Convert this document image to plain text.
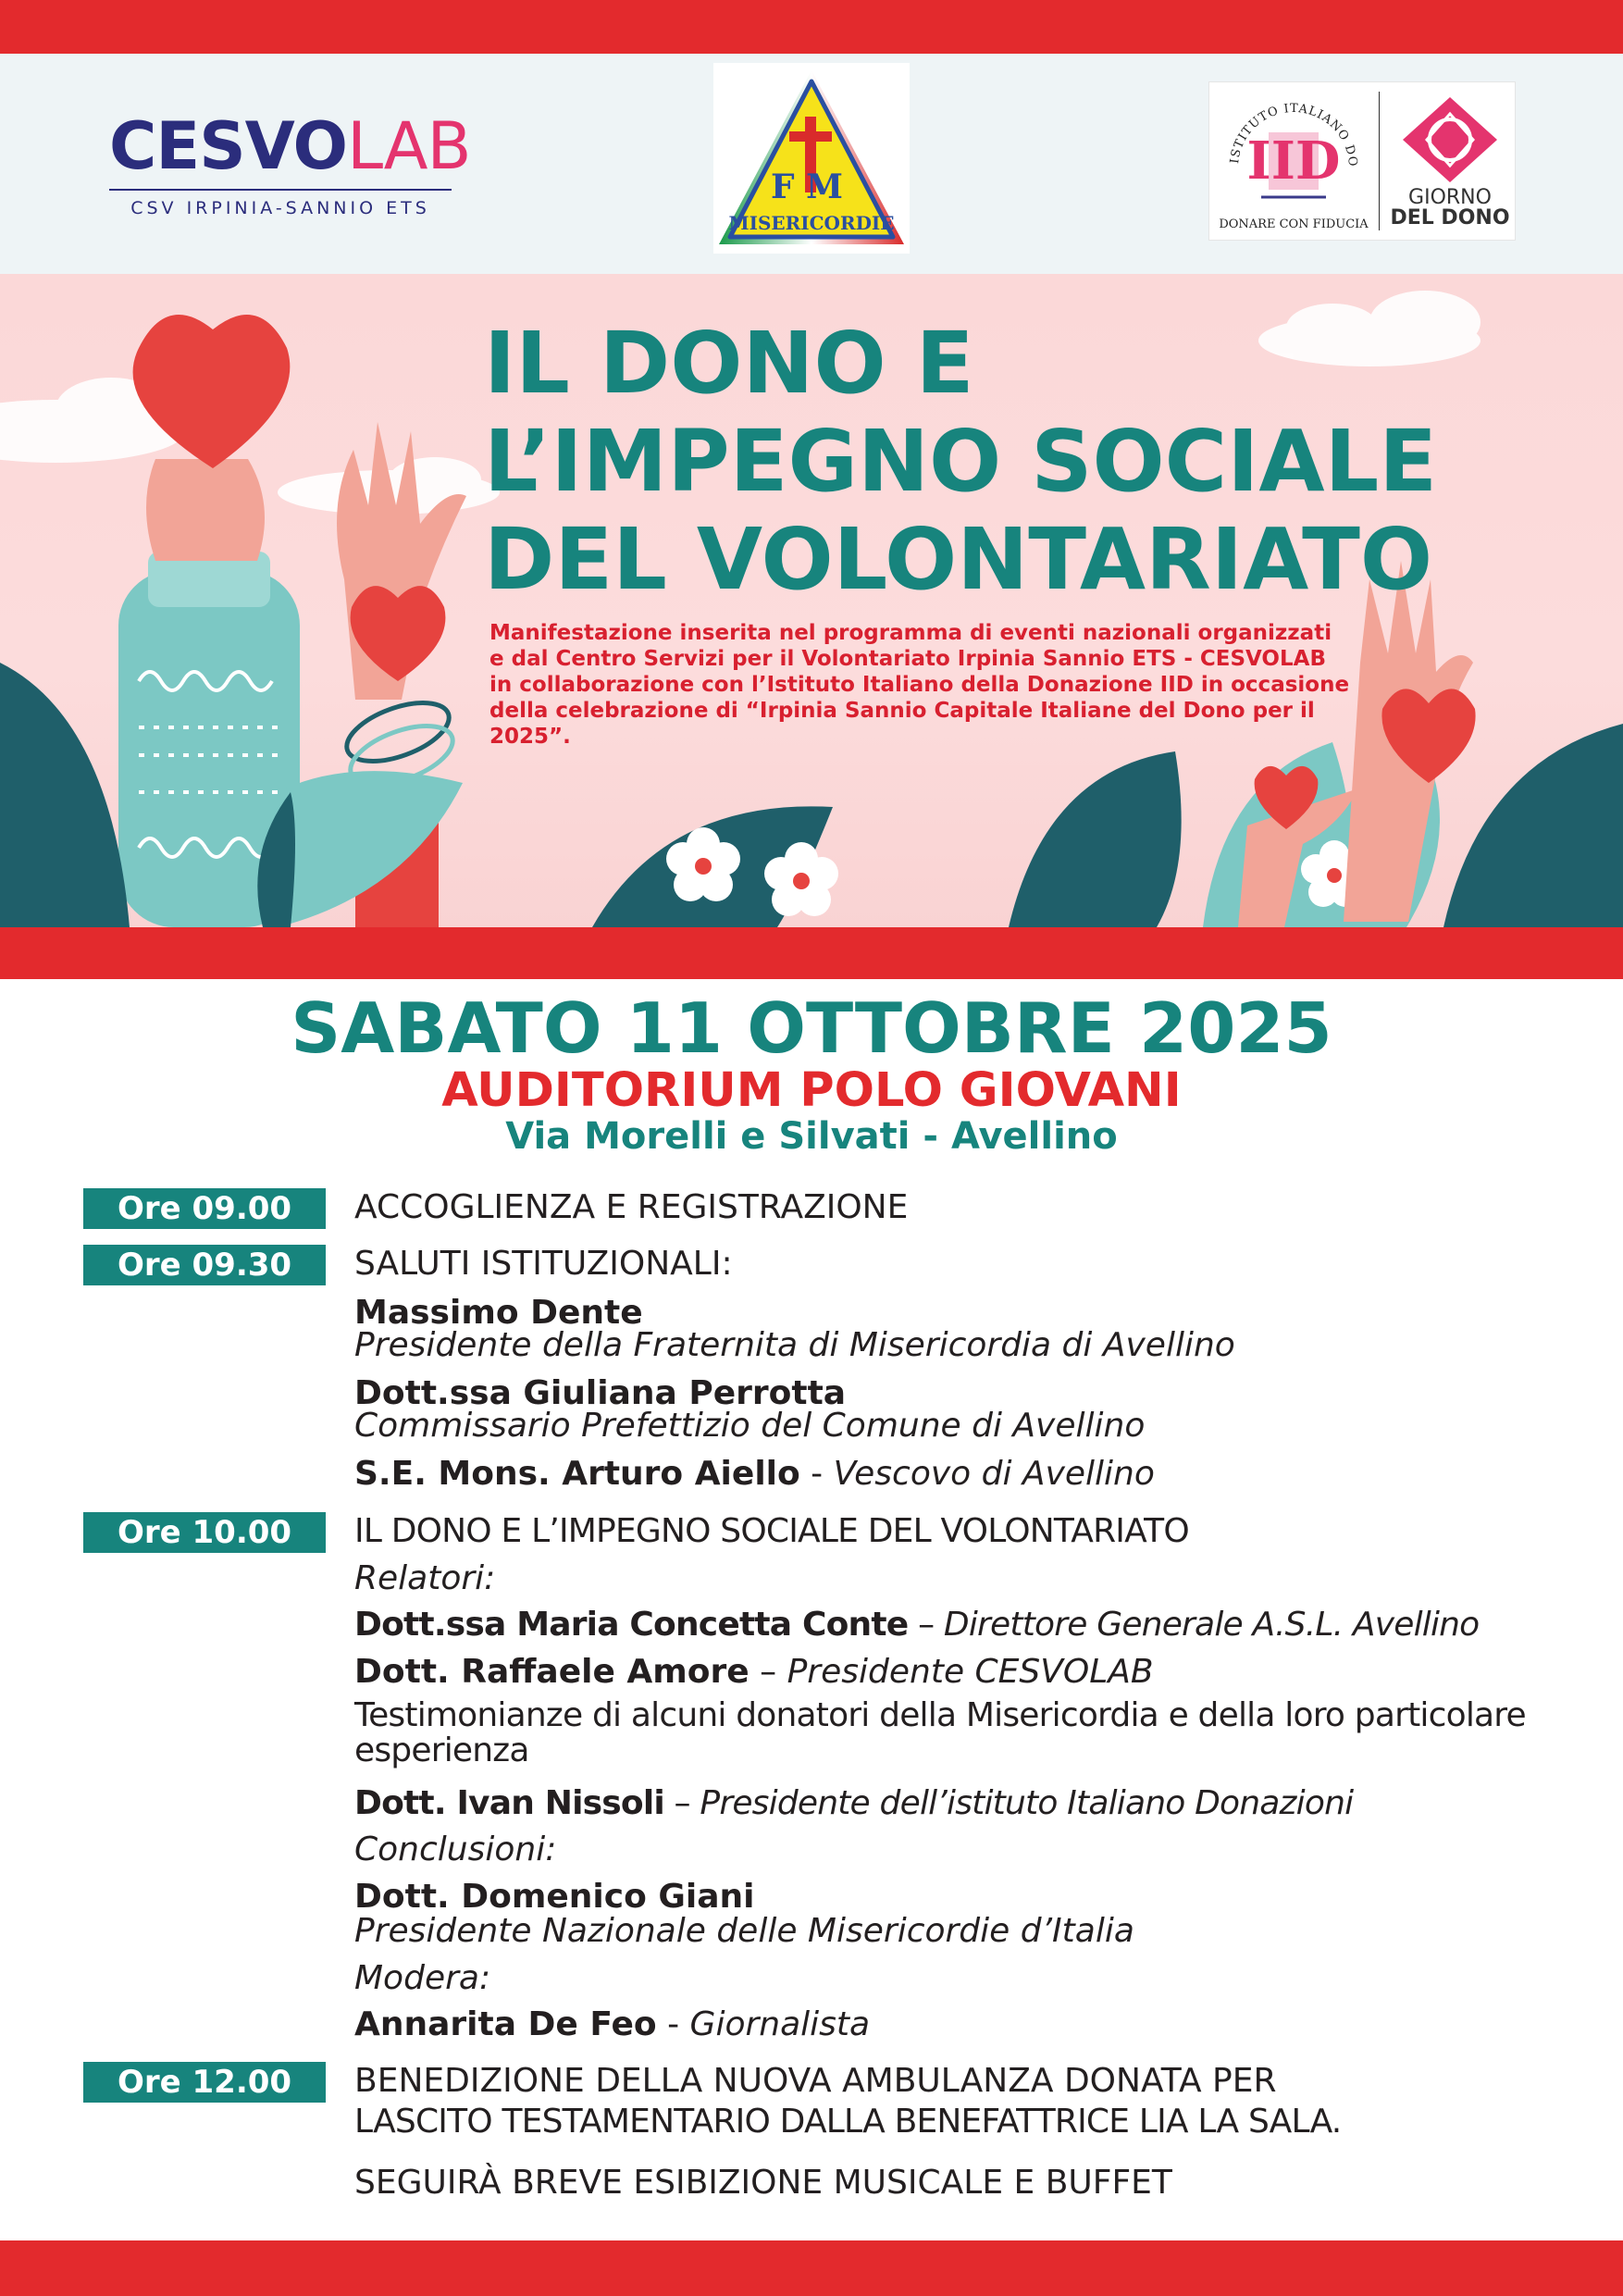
CESVOLAB
CSV IRPINIA-SANNIO ETS
F M
MISERICORDIE
ISTITUTO ITALIANO DO
IID
DONARE CON FIDUCIA
GIORNO
DEL DONO
IL DONO E
L’IMPEGNO SOCIALE
DEL VOLONTARIATO
Manifestazione inserita nel programma di eventi nazionali organizzati e dal Centro Servizi per il Volontariato Irpinia Sannio ETS - CESVOLAB in collaborazione con l’Istituto Italiano della Donazione IID in occasione della celebrazione di “Irpinia Sannio Capitale Italiane del Dono per il 2025”.
SABATO 11 OTTOBRE 2025
AUDITORIUM POLO GIOVANI
Via Morelli e Silvati - Avellino
Ore 09.00	ACCOGLIENZA E REGISTRAZIONE
Ore 09.30	SALUTI ISTITUZIONALI:
Massimo Dente
Presidente della Fraternita di Misericordia di Avellino
Dott.ssa Giuliana Perrotta
Commissario Prefettizio del Comune di Avellino
S.E. Mons. Arturo Aiello - Vescovo di Avellino
Ore 10.00	IL DONO E L’IMPEGNO SOCIALE DEL VOLONTARIATO
Relatori:
Dott.ssa Maria Concetta Conte – Direttore Generale A.S.L. Avellino
Dott. Raffaele Amore – Presidente CESVOLAB
Testimonianze di alcuni donatori della Misericordia e della loro particolare esperienza
Dott. Ivan Nissoli – Presidente dell’istituto Italiano Donazioni
Conclusioni:
Dott. Domenico Giani
Presidente Nazionale delle Misericordie d’Italia
Modera:
Annarita De Feo - Giornalista
Ore 12.00	BENEDIZIONE DELLA NUOVA AMBULANZA DONATA PER
LASCITO TESTAMENTARIO DALLA BENEFATTRICE LIA LA SALA.
SEGUIRÀ BREVE ESIBIZIONE MUSICALE E BUFFET
